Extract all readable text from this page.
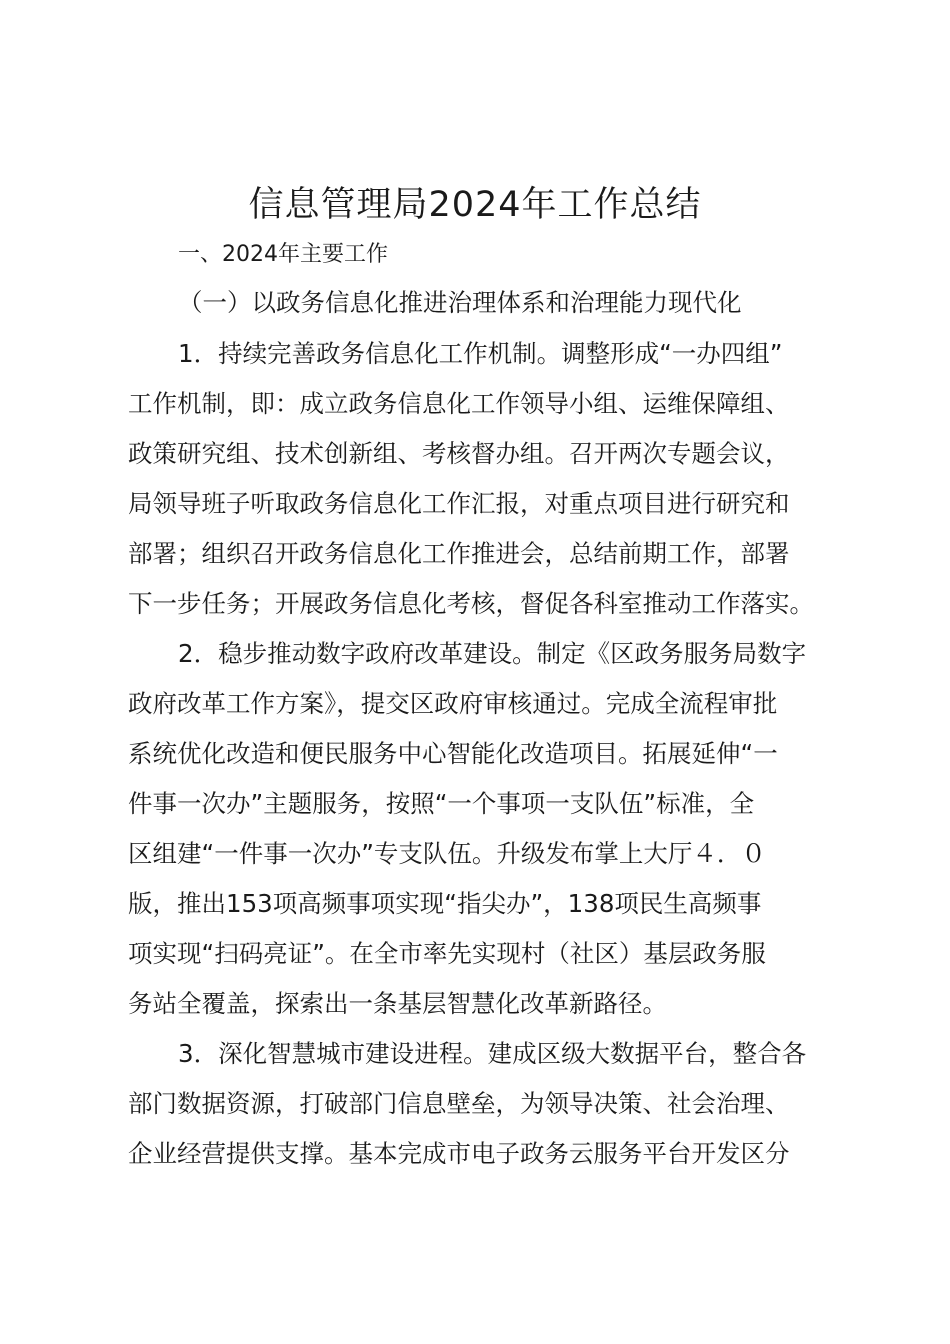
信息管理局2024年工作总结

一、2024年主要工作

（一）以政务信息化推进治理体系和治理能力现代化

1．持续完善政务信息化工作机制。调整形成“一办四组”

工作机制，即：成立政务信息化工作领导小组、运维保障组、

政策研究组、技术创新组、考核督办组。召开两次专题会议，

局领导班子听取政务信息化工作汇报，对重点项目进行研究和

部署；组织召开政务信息化工作推进会，总结前期工作，部署

下一步任务；开展政务信息化考核，督促各科室推动工作落实。

2．稳步推动数字政府改革建设。制定《区政务服务局数字

政府改革工作方案》，提交区政府审核通过。完成全流程审批

系统优化改造和便民服务中心智能化改造项目。拓展延伸“一

件事一次办”主题服务，按照“一个事项一支队伍”标准，全

区组建“一件事一次办”专支队伍。升级发布掌上大厅４．０

版，推出153项高频事项实现“指尖办”，138项民生高频事

项实现“扫码亮证”。在全市率先实现村（社区）基层政务服

务站全覆盖，探索出一条基层智慧化改革新路径。

3．深化智慧城市建设进程。建成区级大数据平台，整合各

部门数据资源，打破部门信息壁垒，为领导决策、社会治理、

企业经营提供支撑。基本完成市电子政务云服务平台开发区分
